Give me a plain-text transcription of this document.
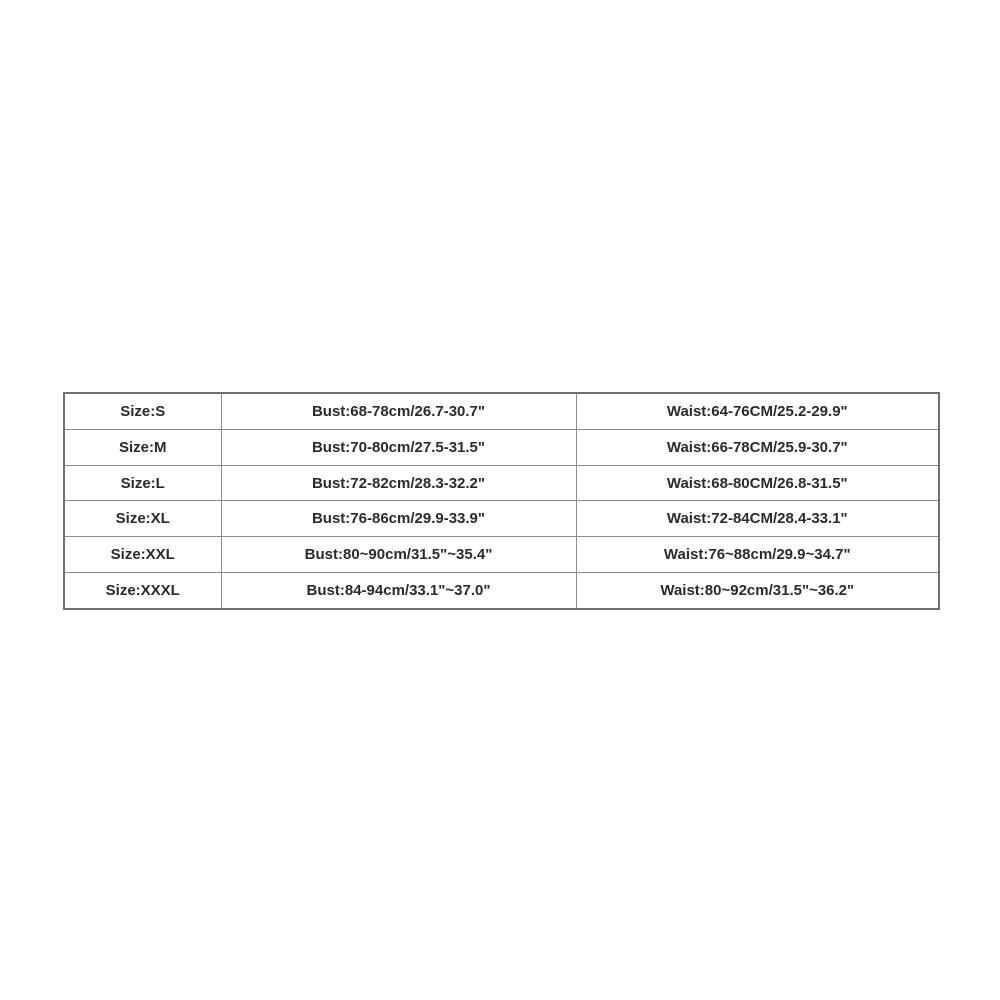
Size:S	Bust:68-78cm/26.7-30.7"	Waist:64-76CM/25.2-29.9"
Size:M	Bust:70-80cm/27.5-31.5"	Waist:66-78CM/25.9-30.7"
Size:L	Bust:72-82cm/28.3-32.2"	Waist:68-80CM/26.8-31.5"
Size:XL	Bust:76-86cm/29.9-33.9"	Waist:72-84CM/28.4-33.1"
Size:XXL	Bust:80~90cm/31.5"~35.4"	Waist:76~88cm/29.9~34.7"
Size:XXXL	Bust:84-94cm/33.1"~37.0"	Waist:80~92cm/31.5"~36.2"
